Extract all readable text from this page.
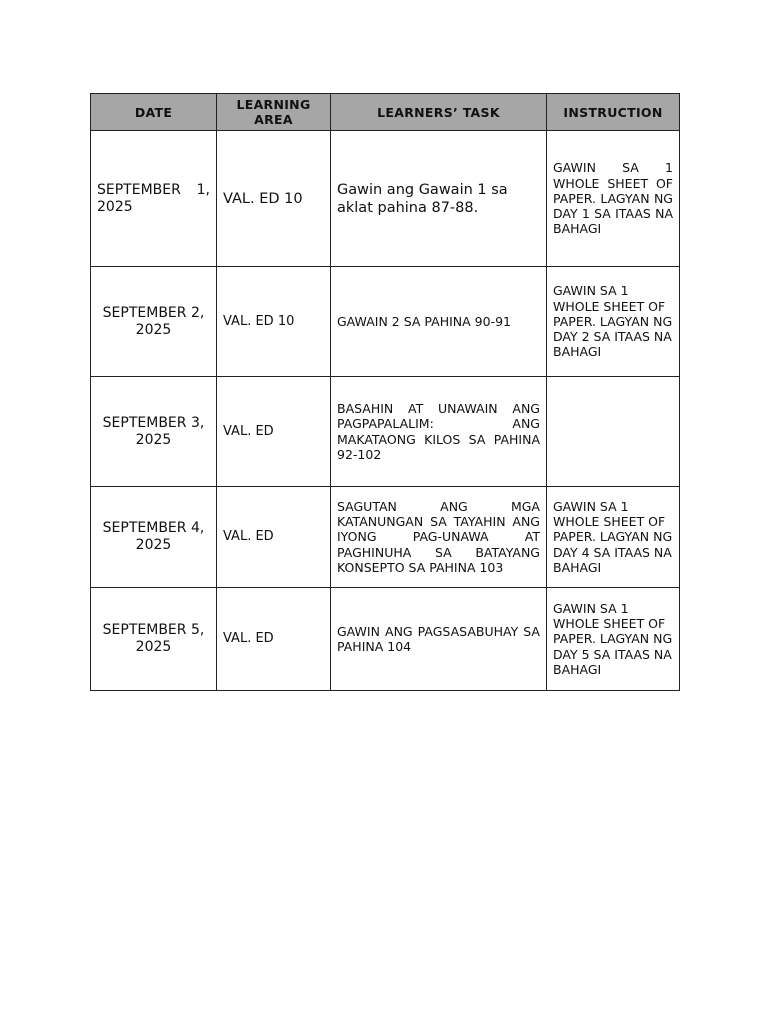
DATE	LEARNING AREA	LEARNERS’ TASK	INSTRUCTION
SEPTEMBER 1, 2025	VAL. ED 10	Gawin ang Gawain 1 sa aklat pahina 87-88.	GAWIN SA 1 WHOLE SHEET OF PAPER. LAGYAN NG DAY 1 SA ITAAS NA BAHAGI
SEPTEMBER 2, 2025	VAL. ED 10	GAWAIN 2 SA PAHINA 90-91	GAWIN SA 1 WHOLE SHEET OF PAPER. LAGYAN NG DAY 2 SA ITAAS NA BAHAGI
SEPTEMBER 3, 2025	VAL. ED	BASAHIN AT UNAWAIN ANG PAGPAPALALIM: ANG MAKATAONG KILOS SA PAHINA 92-102	
SEPTEMBER 4, 2025	VAL. ED	SAGUTAN ANG MGA KATANUNGAN SA TAYAHIN ANG IYONG PAG-UNAWA AT PAGHINUHA SA BATAYANG KONSEPTO SA PAHINA 103	GAWIN SA 1 WHOLE SHEET OF PAPER. LAGYAN NG DAY 4 SA ITAAS NA BAHAGI
SEPTEMBER 5, 2025	VAL. ED	GAWIN ANG PAGSASABUHAY SA PAHINA 104	GAWIN SA 1 WHOLE SHEET OF PAPER. LAGYAN NG DAY 5 SA ITAAS NA BAHAGI
